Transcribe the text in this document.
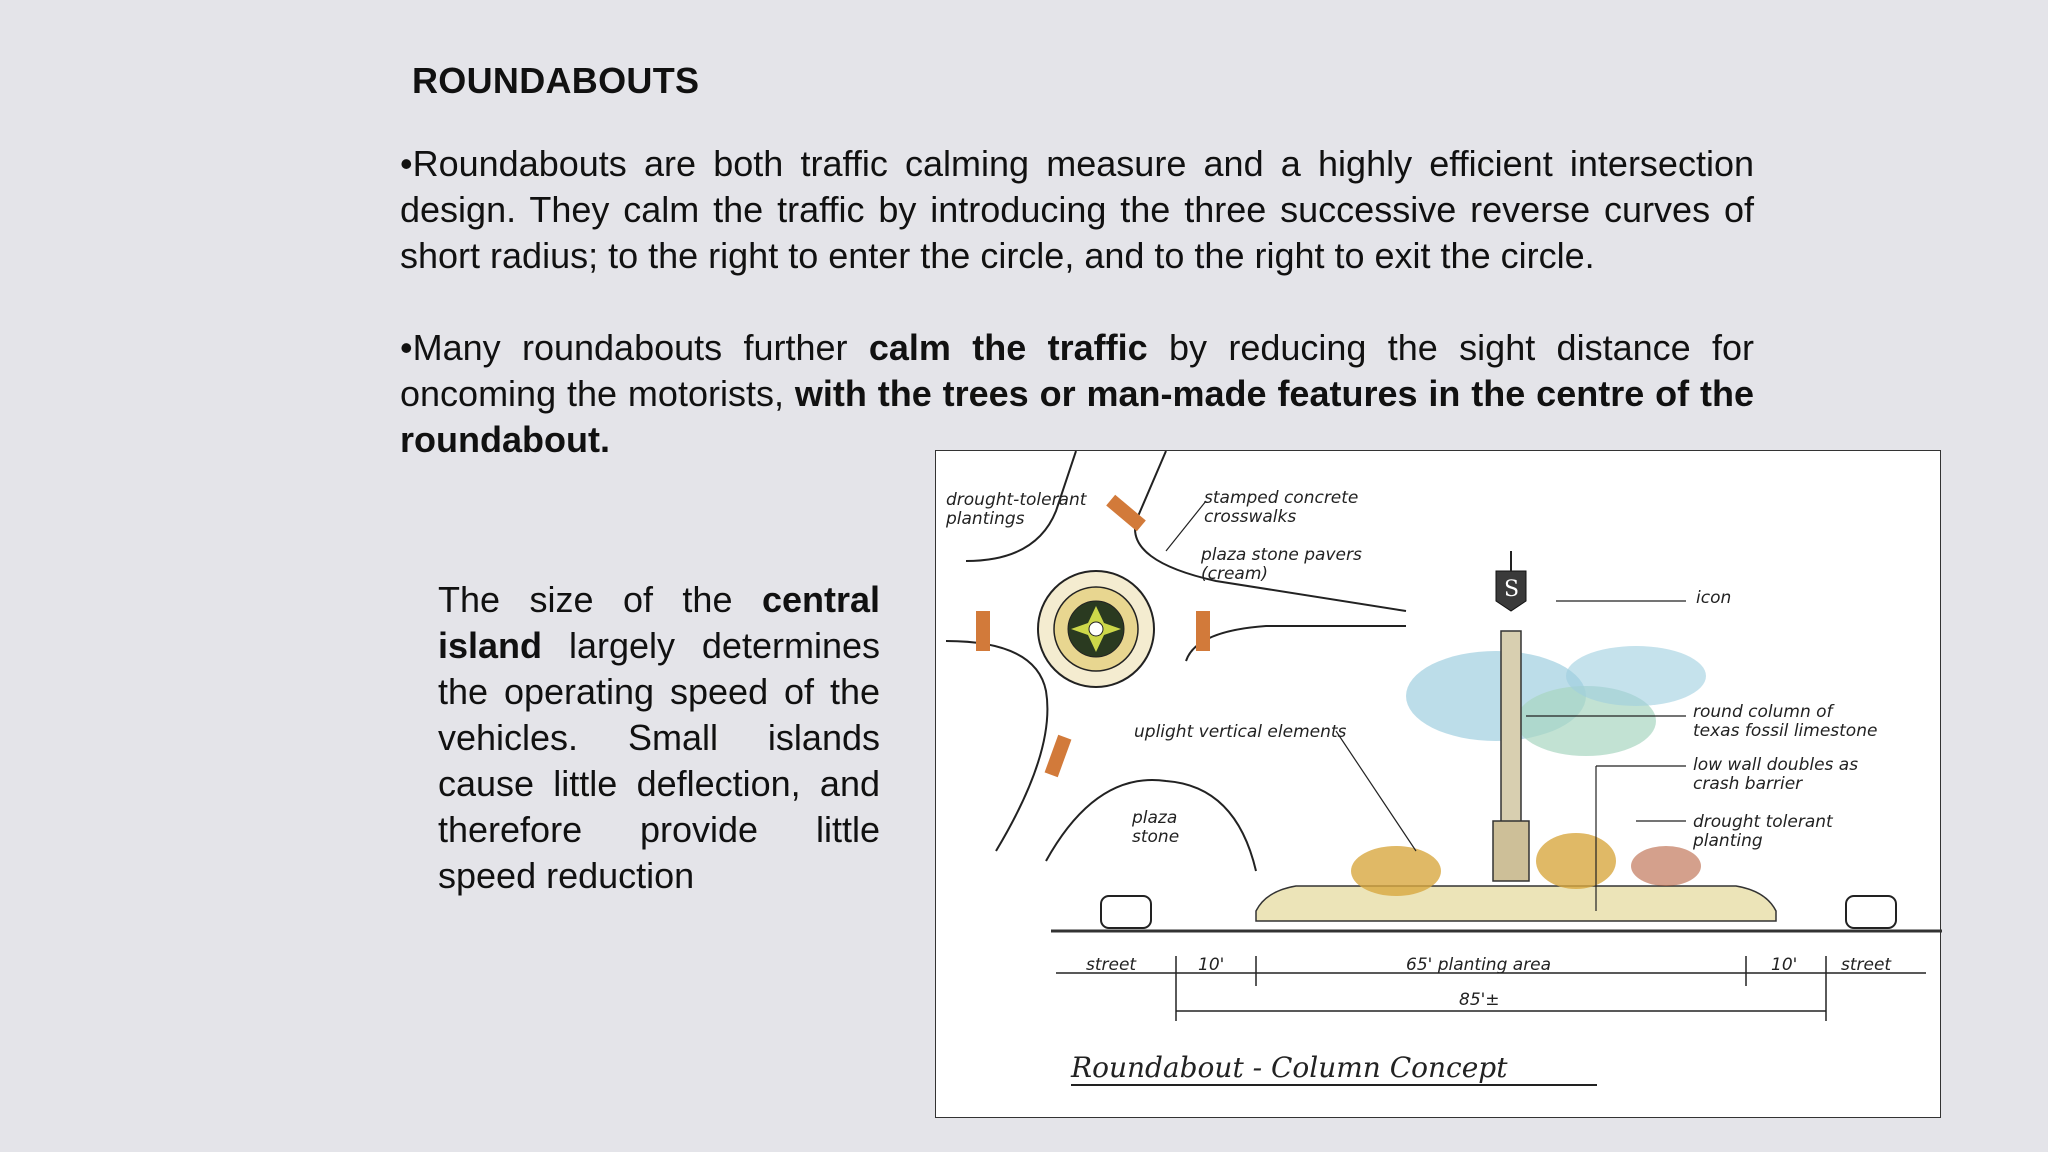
ROUNDABOUTS
•Roundabouts are both traffic calming measure and a highly efficient intersection design. They calm the traffic by introducing the three successive reverse curves of short radius; to the right to enter the circle, and to the right to exit the circle.
•Many roundabouts further calm the traffic by reducing the sight distance for oncoming the motorists, with the trees or man-made features in the centre of the roundabout.
The size of the central island largely determines the operating speed of the vehicles. Small islands cause little deflection, and therefore provide little speed reduction
S
drought-tolerant
plantings
stamped concrete
crosswalks
plaza stone pavers
(cream)
icon
uplight vertical elements
round column of
texas fossil limestone
low wall doubles as
crash barrier
plaza
stone
drought tolerant
planting
street	10'	65' planting area	10'	street
85'±
Roundabout - Column Concept
